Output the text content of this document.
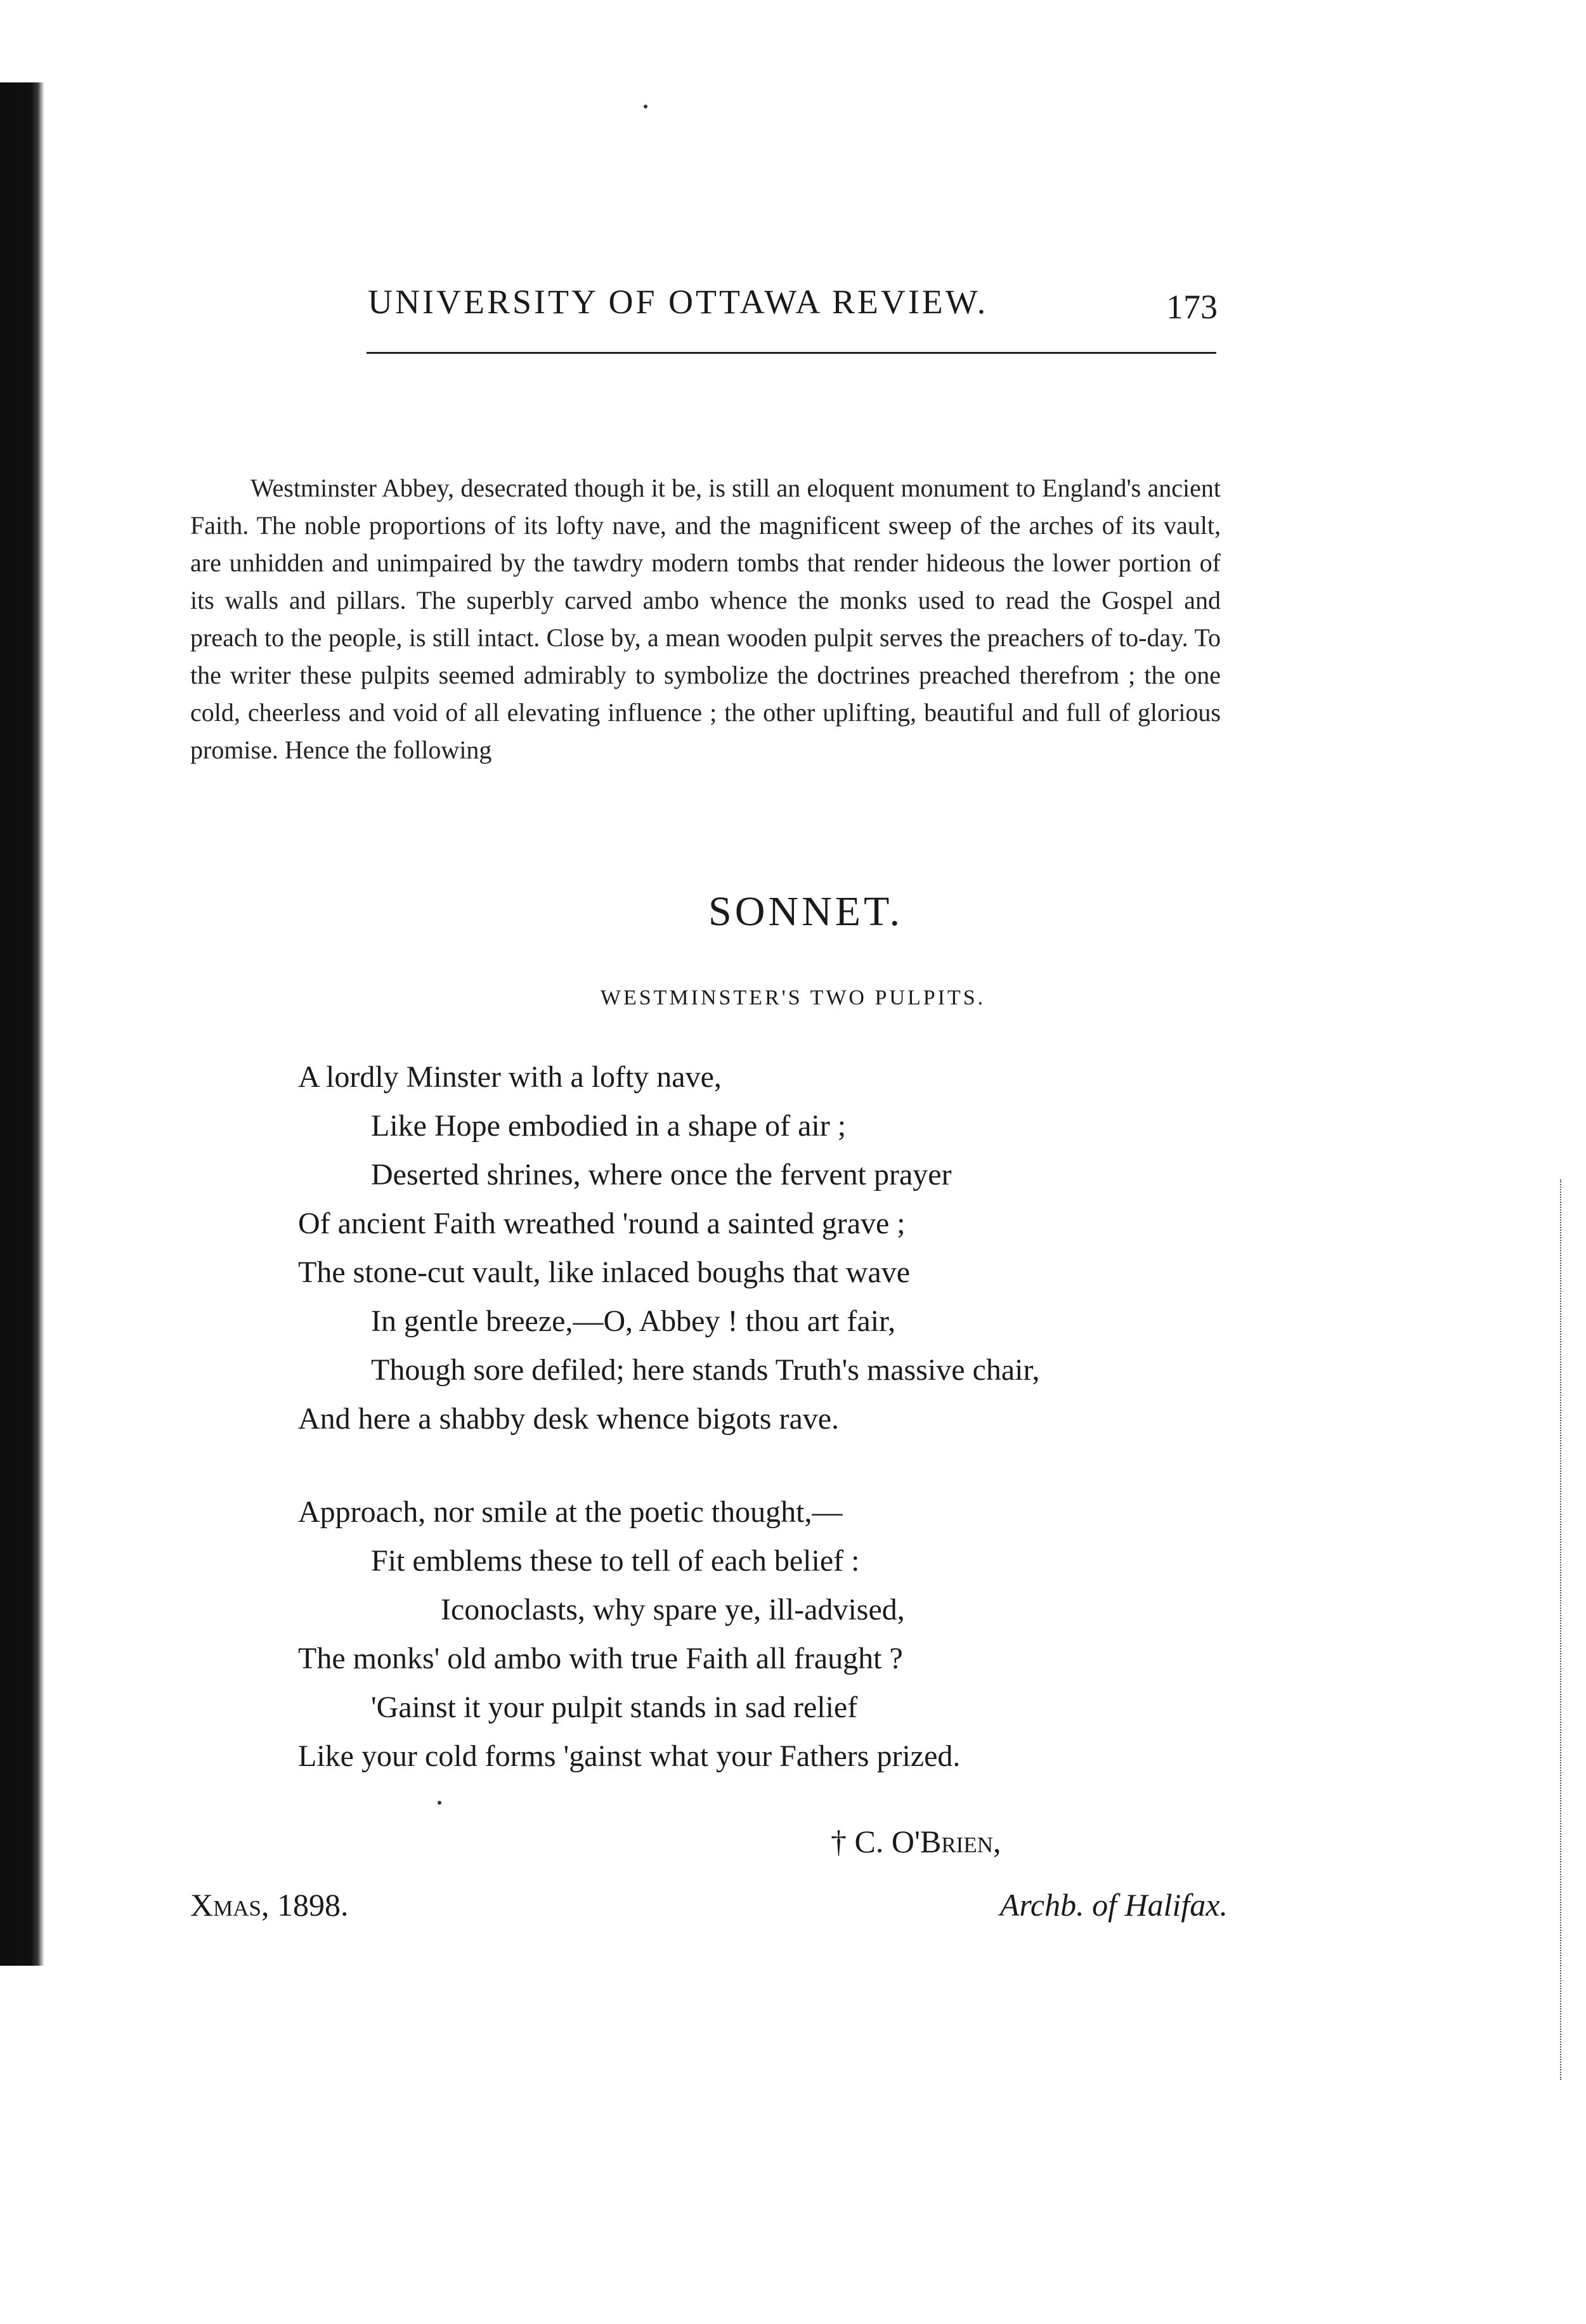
UNIVERSITY OF OTTAWA REVIEW.	173

Westminster Abbey, desecrated though it be, is still an eloquent monument to England's ancient Faith. The noble proportions of its lofty nave, and the magnificent sweep of the arches of its vault, are unhidden and unimpaired by the tawdry modern tombs that render hideous the lower portion of its walls and pillars. The superbly carved ambo whence the monks used to read the Gospel and preach to the people, is still intact. Close by, a mean wooden pulpit serves the preachers of to-day. To the writer these pulpits seemed admirably to symbolize the doctrines preached therefrom ; the one cold, cheerless and void of all elevating influence ; the other uplifting, beautiful and full of glorious promise. Hence the following

SONNET.
WESTMINSTER'S TWO PULPITS.
A lordly Minster with a lofty nave,
Like Hope embodied in a shape of air ;
Deserted shrines, where once the fervent prayer
Of ancient Faith wreathed 'round a sainted grave ;
The stone-cut vault, like inlaced boughs that wave
In gentle breeze,—O, Abbey ! thou art fair,
Though sore defiled; here stands Truth's massive chair,
And here a shabby desk whence bigots rave.
Approach, nor smile at the poetic thought,—
Fit emblems these to tell of each belief :
Iconoclasts, why spare ye, ill-advised,
The monks' old ambo with true Faith all fraught ?
'Gainst it your pulpit stands in sad relief
Like your cold forms 'gainst what your Fathers prized.
† C. O'Brien,
Xmas, 1898.	Archb. of Halifax.
